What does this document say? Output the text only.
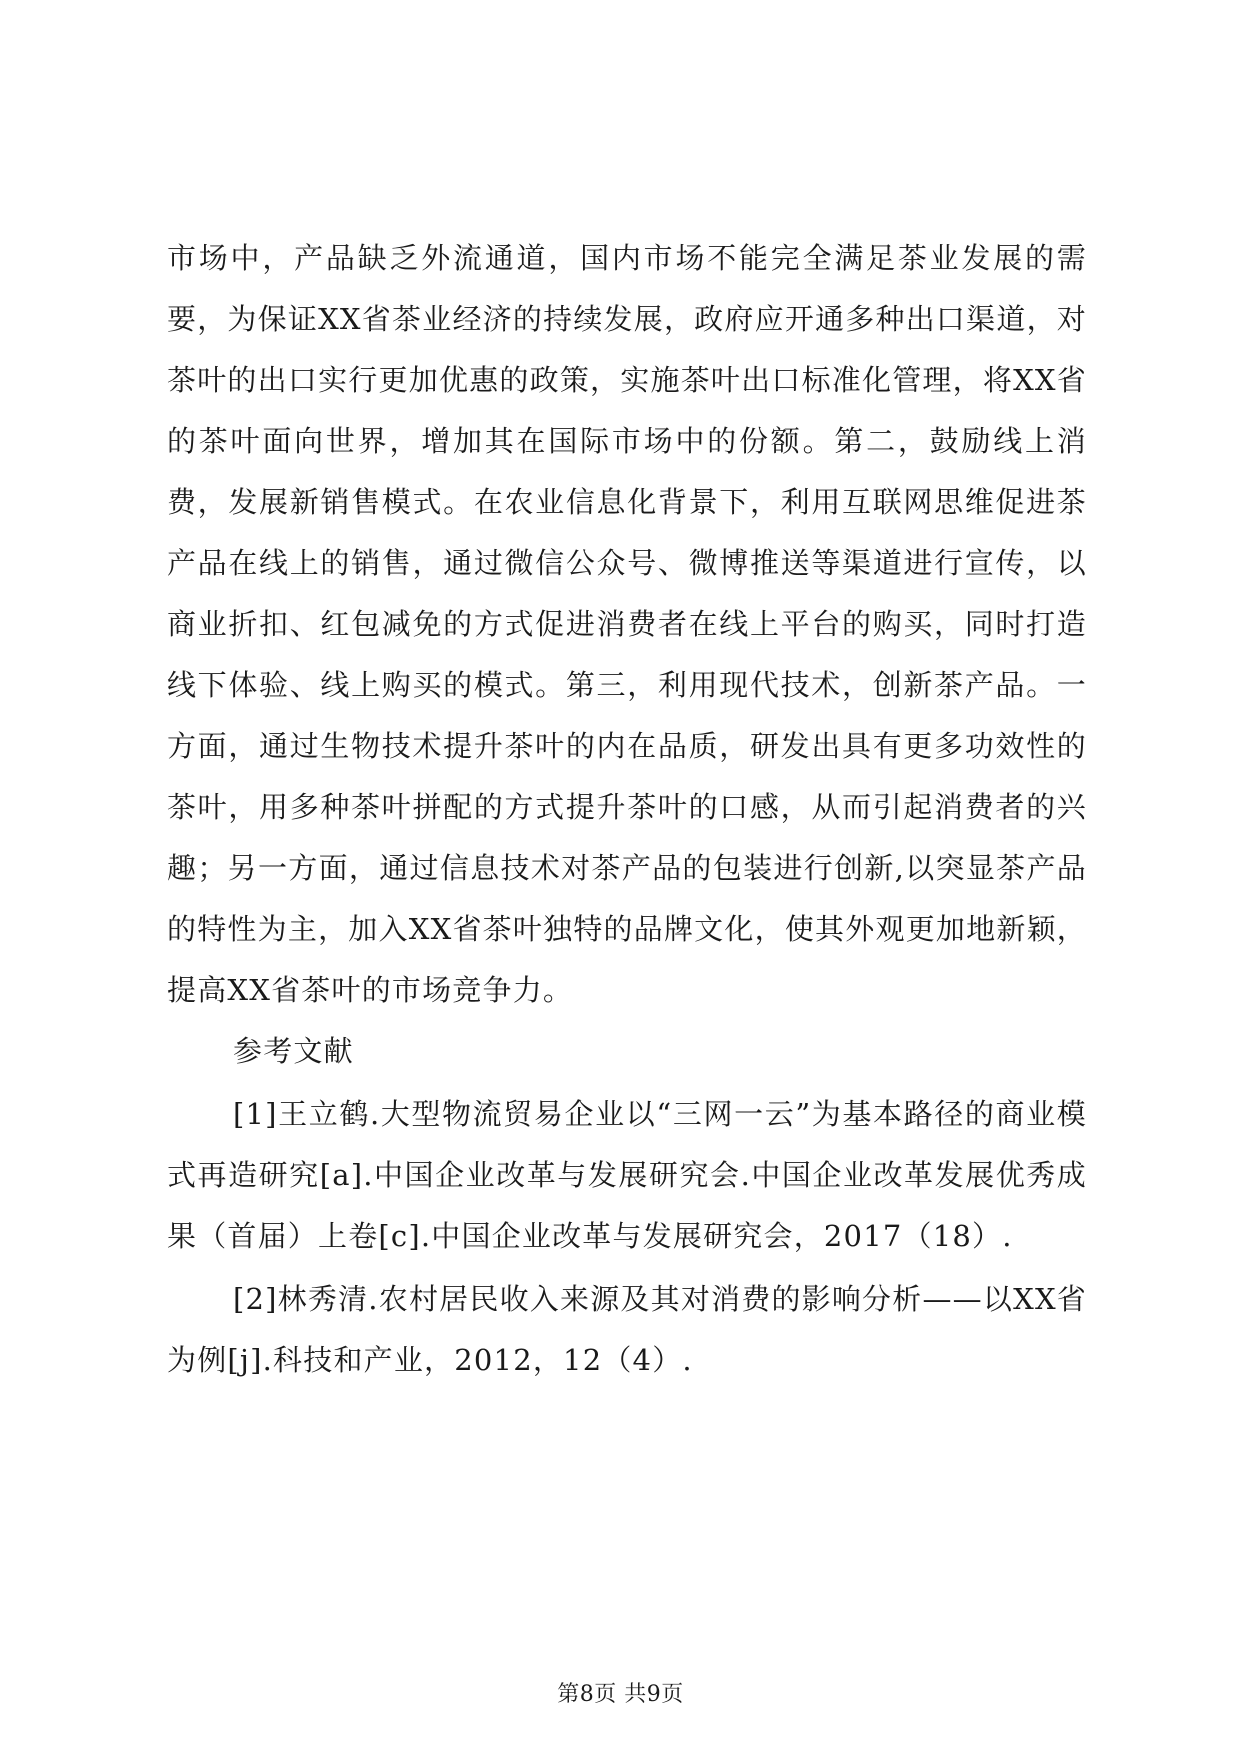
市场中，产品缺乏外流通道，国内市场不能完全满足茶业发展的需要，为保证XX省茶业经济的持续发展，政府应开通多种出口渠道，对茶叶的出口实行更加优惠的政策，实施茶叶出口标准化管理，将XX省的茶叶面向世界，增加其在国际市场中的份额。第二，鼓励线上消费，发展新销售模式。在农业信息化背景下，利用互联网思维促进茶产品在线上的销售，通过微信公众号、微博推送等渠道进行宣传，以商业折扣、红包减免的方式促进消费者在线上平台的购买，同时打造线下体验、线上购买的模式。第三，利用现代技术，创新茶产品。一方面，通过生物技术提升茶叶的内在品质，研发出具有更多功效性的茶叶，用多种茶叶拼配的方式提升茶叶的口感，从而引起消费者的兴趣；另一方面，通过信息技术对茶产品的包装进行创新,以突显茶产品的特性为主，加入XX省茶叶独特的品牌文化，使其外观更加地新颖，提高XX省茶叶的市场竞争力。

参考文献

[1]王立鹤.大型物流贸易企业以“三网一云”为基本路径的商业模式再造研究[a].中国企业改革与发展研究会.中国企业改革发展优秀成果（首届）上卷[c].中国企业改革与发展研究会，2017（18）.

[2]林秀清.农村居民收入来源及其对消费的影响分析——以XX省为例[j].科技和产业，2012，12（4）.

第8页 共9页
